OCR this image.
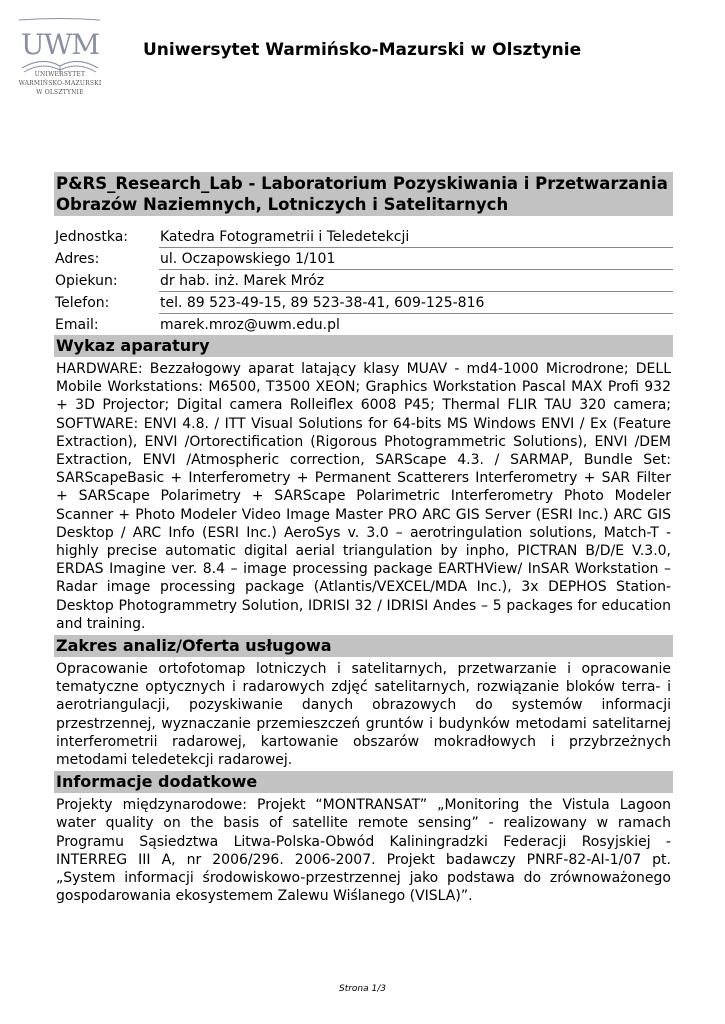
UWM
UNIWERSYTET
WARMIŃSKO-MAZURSKI
W OLSZTYNIE
Uniwersytet Warmińsko-Mazurski w Olsztynie
P&RS_Research_Lab - Laboratorium Pozyskiwania i Przetwarzania Obrazów Naziemnych, Lotniczych i Satelitarnych
Jednostka:	Katedra Fotogrametrii i Teledetekcji
Adres:	ul. Oczapowskiego 1/101
Opiekun:	dr hab. inż. Marek Mróz
Telefon:	tel. 89 523-49-15, 89 523-38-41, 609-125-816
Email:	marek.mroz@uwm.edu.pl
Wykaz aparatury
HARDWARE: Bezzałogowy aparat latający klasy MUAV - md4-1000 Microdrone; DELL Mobile Workstations: M6500, T3500 XEON; Graphics Workstation Pascal MAX Profi 932 + 3D Projector; Digital camera Rolleiflex 6008 P45; Thermal FLIR TAU 320 camera; SOFTWARE: ENVI 4.8. / ITT Visual Solutions for 64-bits MS Windows ENVI / Ex (Feature Extraction), ENVI /Ortorectification (Rigorous Photogrammetric Solutions), ENVI /DEM Extraction, ENVI /Atmospheric correction, SARScape 4.3. / SARMAP, Bundle Set: SARScapeBasic + Interferometry + Permanent Scatterers Interferometry + SAR Filter + SARScape Polarimetry + SARScape Polarimetric Interferometry Photo Modeler Scanner + Photo Modeler Video Image Master PRO ARC GIS Server (ESRI Inc.) ARC GIS Desktop / ARC Info (ESRI Inc.) AeroSys v. 3.0 – aerotringulation solutions, Match-T - highly precise automatic digital aerial triangulation by inpho, PICTRAN B/D/E V.3.0, ERDAS Imagine ver. 8.4 – image processing package EARTHView/ InSAR Workstation – Radar image processing package (Atlantis/VEXCEL/MDA Inc.), 3x DEPHOS Station- Desktop Photogrammetry Solution, IDRISI 32 / IDRISI Andes – 5 packages for education and training.
Zakres analiz/Oferta usługowa
Opracowanie ortofotomap lotniczych i satelitarnych, przetwarzanie i opracowanie tematyczne optycznych i radarowych zdjęć satelitarnych, rozwiązanie bloków terra- i aerotriangulacji, pozyskiwanie danych obrazowych do systemów informacji przestrzennej, wyznaczanie przemieszczeń gruntów i budynków metodami satelitarnej interferometrii radarowej, kartowanie obszarów mokradłowych i przybrzeżnych metodami teledetekcji radarowej.
Informacje dodatkowe
Projekty międzynarodowe: Projekt “MONTRANSAT” „Monitoring the Vistula Lagoon water quality on the basis of satellite remote sensing” - realizowany w ramach Programu Sąsiedztwa Litwa-Polska-Obwód Kaliningradzki Federacji Rosyjskiej - INTERREG III A, nr 2006/296. 2006-2007. Projekt badawczy PNRF-82-AI-1/07 pt.„System informacji środowiskowo-przestrzennej jako podstawa do zrównoważonego gospodarowania ekosystemem Zalewu Wiślanego (VISLA)”.
Strona 1/3
